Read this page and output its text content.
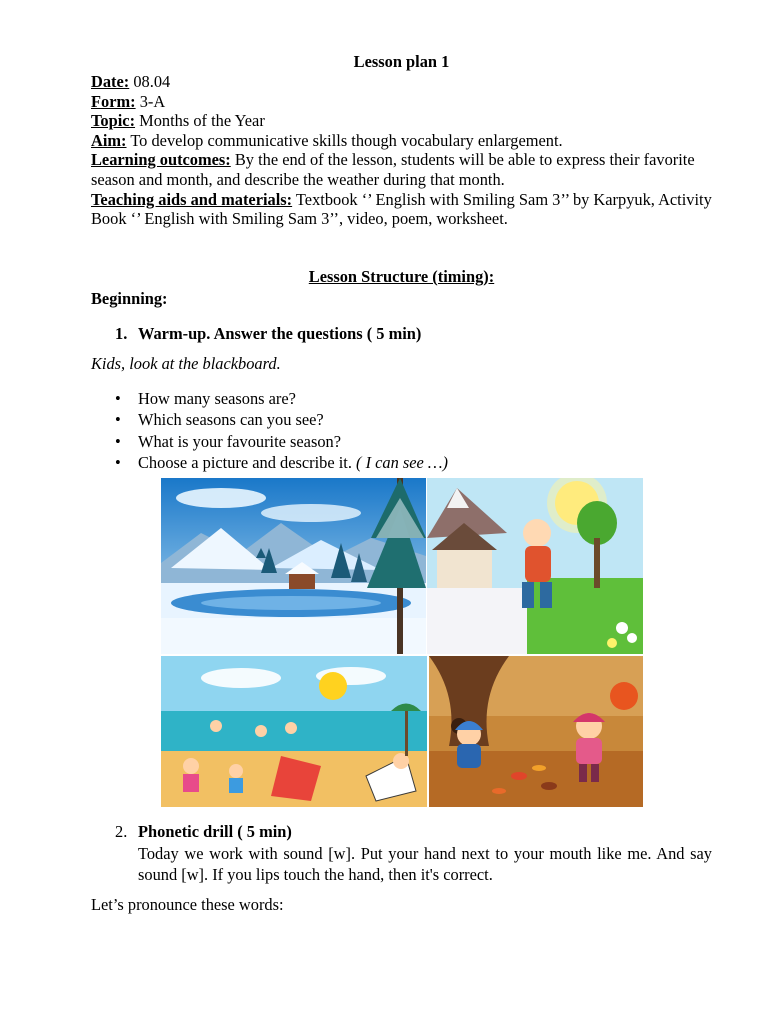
Lesson plan 1
Date: 08.04
Form: 3-A
Topic: Months of the Year
Aim: To develop communicative skills though vocabulary enlargement.
Learning outcomes: By the end of the lesson, students will be able to express their favorite season and month, and describe the weather during that month.
Teaching aids and materials: Textbook ‘’ English with Smiling Sam 3’’ by Karpyuk, Activity Book ‘’ English with Smiling Sam 3’’, video, poem, worksheet.
Lesson Structure (timing):
Beginning:
1. Warm-up. Answer the questions ( 5 min)
Kids, look at the blackboard.
• How many seasons are?
• Which seasons can you see?
• What is your favourite season?
• Choose a picture and describe it. ( I can see …)
2. Phonetic drill ( 5 min)
Today we work with sound [w]. Put your hand next to your mouth like me. And say sound [w]. If you lips touch the hand, then it's correct.
Let’s pronounce these words:
